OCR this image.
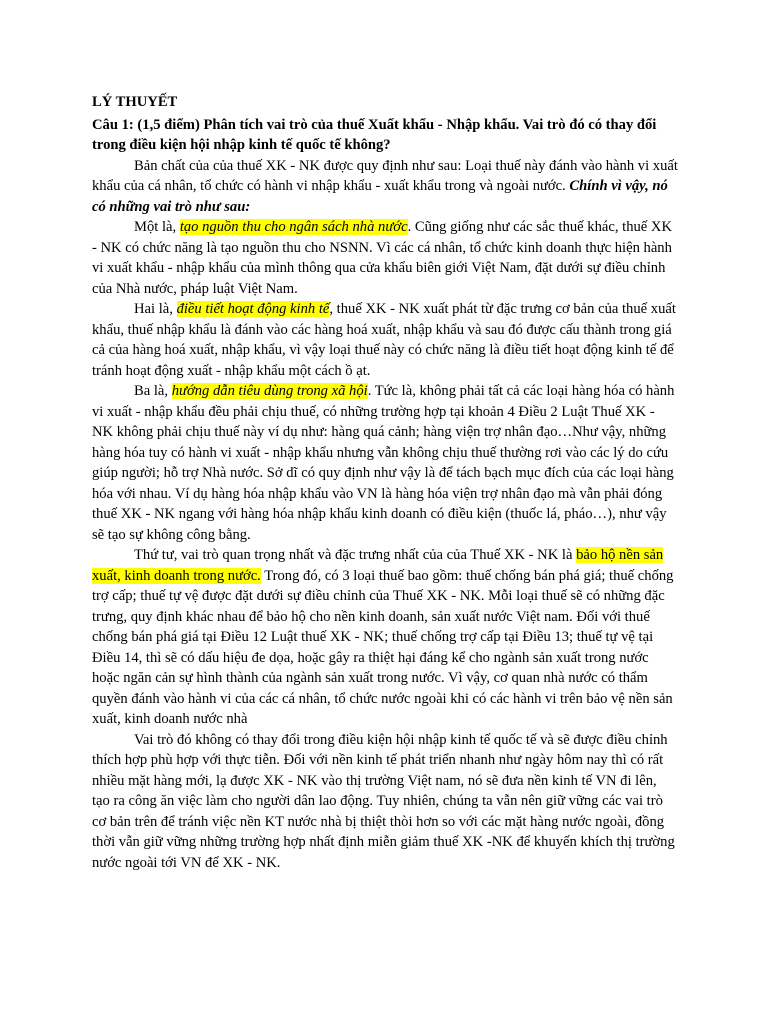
LÝ THUYẾT

Câu 1: (1,5 điểm) Phân tích vai trò của thuế Xuất khẩu - Nhập khẩu. Vai trò đó có thay đổi trong điều kiện hội nhập kinh tế quốc tế không?

Bản chất của của thuế XK - NK được quy định như sau: Loại thuế này đánh vào hành vi xuất khẩu của cá nhân, tổ chức có hành vi nhập khẩu - xuất khẩu trong và ngoài nước. Chính vì vậy, nó có những vai trò như sau:

Một là, tạo nguồn thu cho ngân sách nhà nước. Cũng giống như các sắc thuế khác, thuế XK - NK có chức năng là tạo nguồn thu cho NSNN. Vì các cá nhân, tổ chức kinh doanh thực hiện hành vi xuất khẩu - nhập khẩu của mình thông qua cửa khẩu biên giới Việt Nam, đặt dưới sự điều chỉnh của Nhà nước, pháp luật Việt Nam.

Hai là, điều tiết hoạt động kinh tế, thuế XK - NK xuất phát từ đặc trưng cơ bản của thuế xuất khẩu, thuế nhập khẩu là đánh vào các hàng hoá xuất, nhập khẩu và sau đó được cấu thành trong giá cả của hàng hoá xuất, nhập khẩu, vì vậy loại thuế này có chức năng là điều tiết hoạt động kinh tế để tránh hoạt động xuất - nhập khẩu một cách ồ ạt.

Ba là, hướng dẫn tiêu dùng trong xã hội. Tức là, không phải tất cả các loại hàng hóa có hành vi xuất - nhập khẩu đều phải chịu thuế, có những trường hợp tại khoản 4 Điều 2 Luật Thuế XK - NK không phải chịu thuế này ví dụ như: hàng quá cảnh; hàng viện trợ nhân đạo…Như vậy, những hàng hóa tuy có hành vi xuất - nhập khẩu nhưng vẫn không chịu thuế thường rơi vào các lý do cứu giúp người; hỗ trợ Nhà nước. Sở dĩ có quy định như vậy là để tách bạch mục đích của các loại hàng hóa với nhau. Ví dụ hàng hóa nhập khẩu vào VN là hàng hóa viện trợ nhân đạo mà vẫn phải đóng thuế XK - NK ngang với hàng hóa nhập khẩu kinh doanh có điều kiện (thuốc lá, pháo…), như vậy sẽ tạo sự không công bằng.

Thứ tư, vai trò quan trọng nhất và đặc trưng nhất của của Thuế XK - NK là bảo hộ nền sản xuất, kinh doanh trong nước. Trong đó, có 3 loại thuế bao gồm: thuế chống bán phá giá; thuế chống trợ cấp; thuế tự vệ được đặt dưới sự điều chỉnh của Thuế XK - NK. Mỗi loại thuế sẽ có những đặc trưng, quy định khác nhau để bảo hộ cho nền kinh doanh, sản xuất nước Việt nam. Đối với thuế chống bán phá giá tại Điều 12 Luật thuế XK - NK; thuế chống trợ cấp tại Điều 13; thuế tự vệ tại Điều 14, thì sẽ có dấu hiệu đe dọa, hoặc gây ra thiệt hại đáng kể cho ngành sản xuất trong nước hoặc ngăn cản sự hình thành của ngành sản xuất trong nước. Vì vậy, cơ quan nhà nước có thẩm quyền đánh vào hành vi của các cá nhân, tổ chức nước ngoài khi có các hành vi trên bảo vệ nền sản xuất, kinh doanh nước nhà

Vai trò đó không có thay đổi trong điều kiện hội nhập kinh tế quốc tế và sẽ được điều chỉnh thích hợp phù hợp với thực tiễn. Đối với nền kinh tế phát triển nhanh như ngày hôm nay thì có rất nhiều mặt hàng mới, lạ được XK - NK vào thị trường Việt nam, nó sẽ đưa nền kinh tế VN đi lên, tạo ra công ăn việc làm cho người dân lao động. Tuy nhiên, chúng ta vẫn nên giữ vững các vai trò cơ bản trên để tránh việc nền KT nước nhà bị thiệt thòi hơn so với các mặt hàng nước ngoài, đồng thời vẫn giữ vững những trường hợp nhất định miễn giảm thuế XK -NK để khuyến khích thị trường nước ngoài tới VN để XK - NK.
